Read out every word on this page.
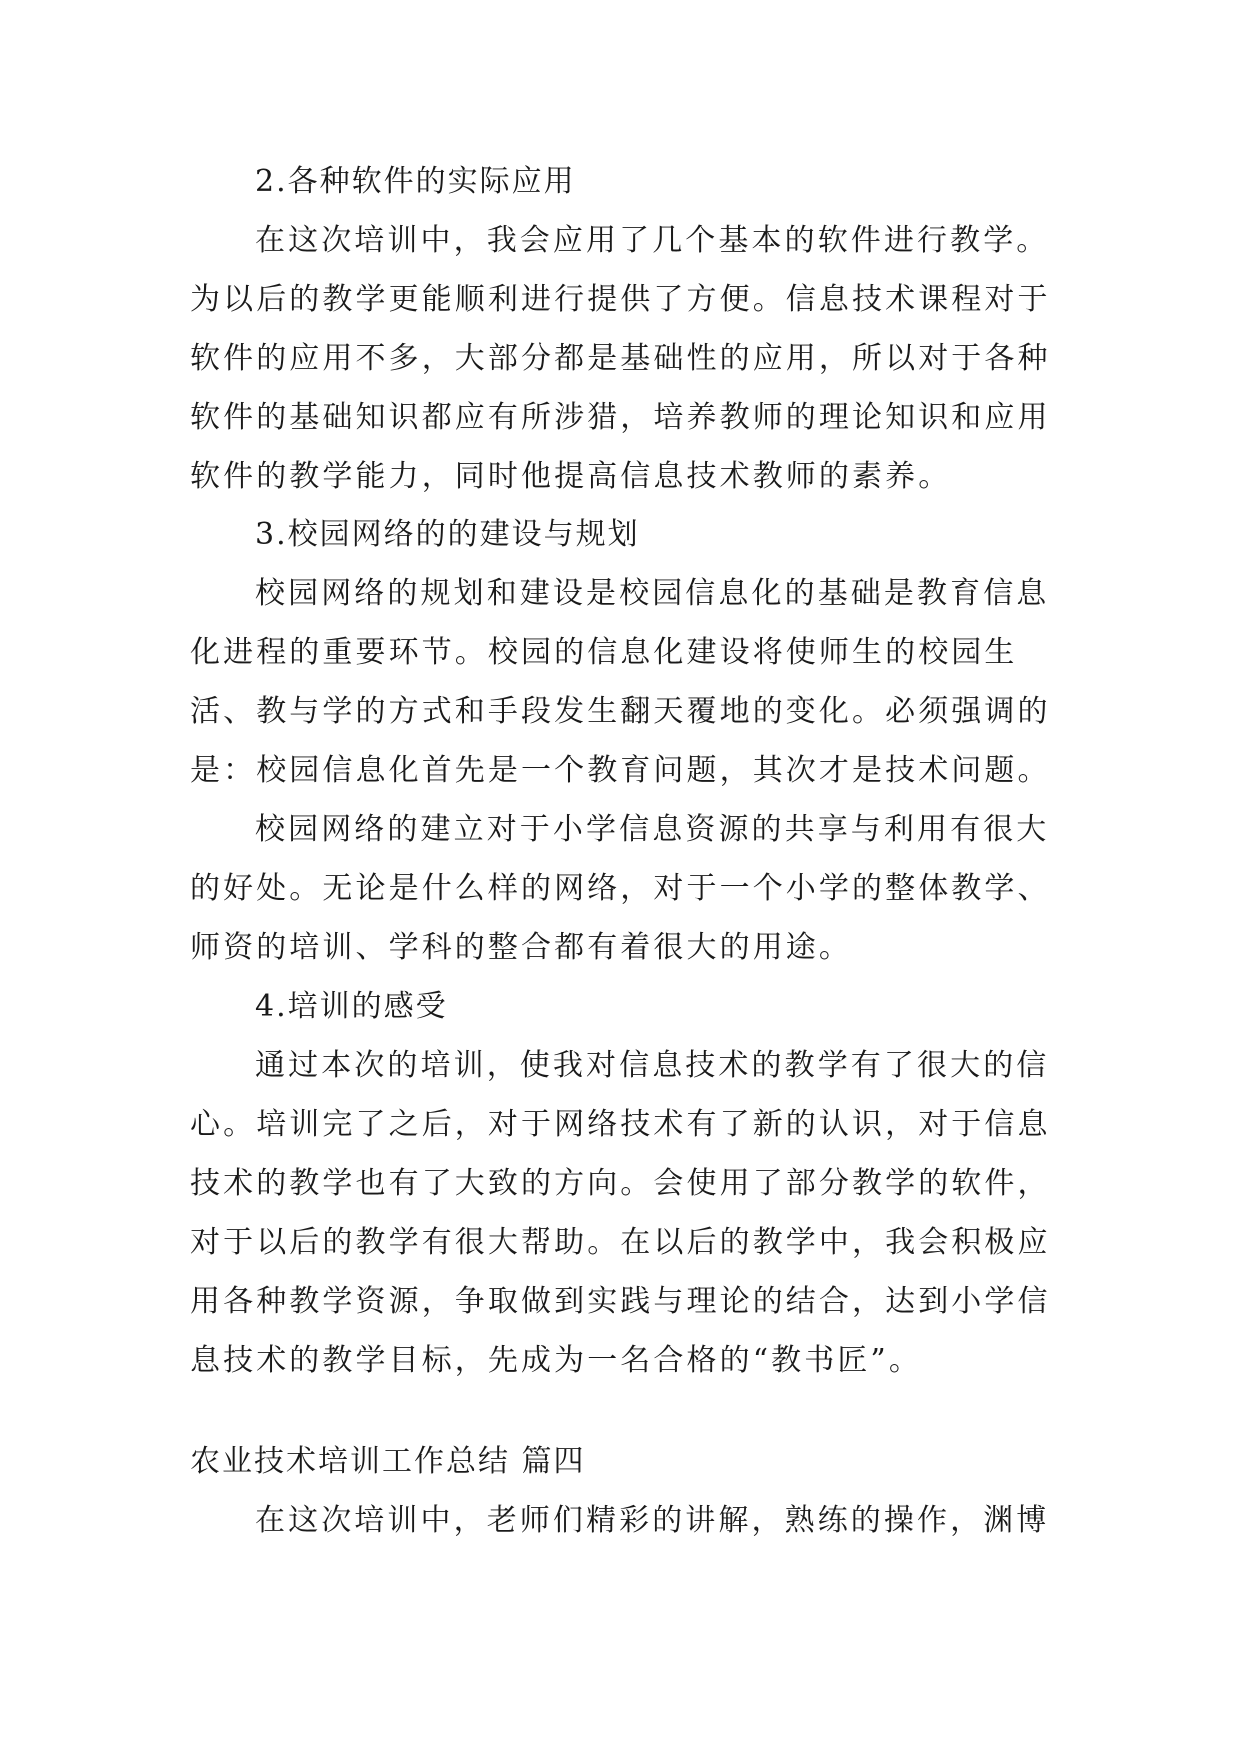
2.各种软件的实际应用

在这次培训中，我会应用了几个基本的软件进行教学。为以后的教学更能顺利进行提供了方便。信息技术课程对于软件的应用不多，大部分都是基础性的应用，所以对于各种软件的基础知识都应有所涉猎，培养教师的理论知识和应用软件的教学能力，同时他提高信息技术教师的素养。

3.校园网络的的建设与规划

校园网络的规划和建设是校园信息化的基础是教育信息化进程的重要环节。校园的信息化建设将使师生的校园生活、教与学的方式和手段发生翻天覆地的变化。必须强调的是：校园信息化首先是一个教育问题，其次才是技术问题。

校园网络的建立对于小学信息资源的共享与利用有很大的好处。无论是什么样的网络，对于一个小学的整体教学、师资的培训、学科的整合都有着很大的用途。

4.培训的感受

通过本次的培训，使我对信息技术的教学有了很大的信心。培训完了之后，对于网络技术有了新的认识，对于信息技术的教学也有了大致的方向。会使用了部分教学的软件，对于以后的教学有很大帮助。在以后的教学中，我会积极应用各种教学资源，争取做到实践与理论的结合，达到小学信息技术的教学目标，先成为一名合格的“教书匠”。

农业技术培训工作总结 篇四

在这次培训中，老师们精彩的讲解，熟练的操作，渊博
